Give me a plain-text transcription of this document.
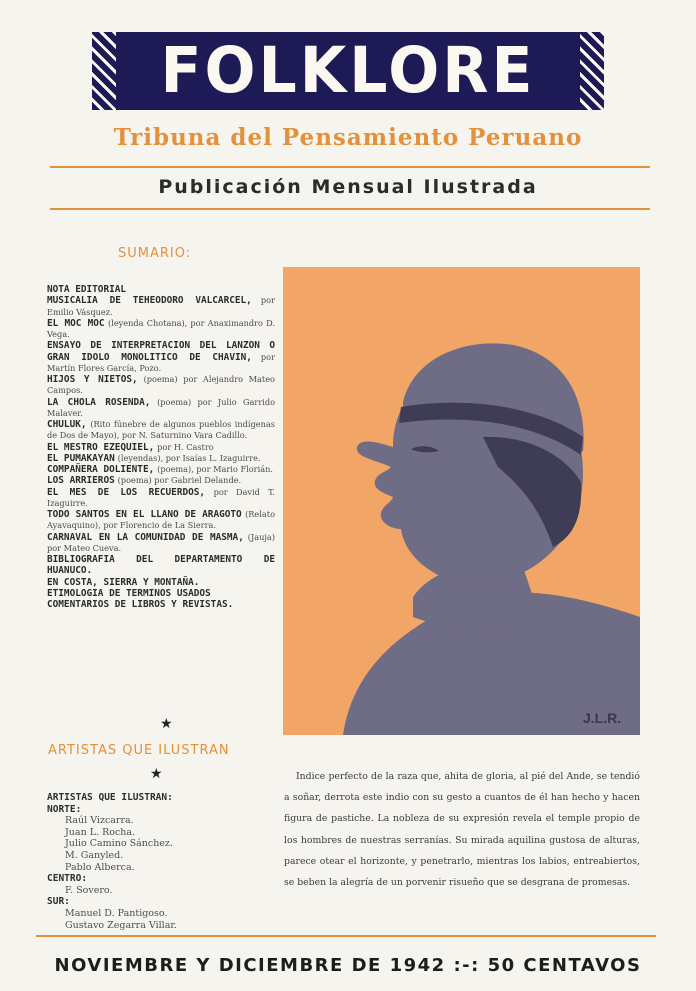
FOLKLORE
Tribuna del Pensamiento Peruano
Publicación Mensual Ilustrada
SUMARIO:

NOTA EDITORIAL

MUSICALIA DE TEHEODORO VALCARCEL, por Emilio Vásquez.

EL MOC MOC (leyenda Chotana), por Anaximandro D. Vega.

ENSAYO DE INTERPRETACION DEL LANZON O GRAN IDOLO MONOLITICO DE CHAVIN, por Martín Flores García, Pozo.

HIJOS Y NIETOS, (poema) por Alejandro Mateo Campos.

LA CHOLA ROSENDA, (poema) por Julio Garrido Malaver.

CHULUK, (Rito fúnebre de algunos pueblos indígenas de Dos de Mayo), por N. Saturnino Vara Cadillo.

EL MESTRO EZEQUIEL, por H. Castro

EL PUMAKAYAN (leyendas), por Isaías L. Izaguirre.

COMPAÑERA DOLIENTE, (poema), por Mario Florián.

LOS ARRIEROS (poema) por Gabriel Delande.

EL MES DE LOS RECUERDOS, por David T. Izaguirre.

TODO SANTOS EN EL LLANO DE ARAGOTO (Relato Ayavaquino), por Florencio de La Sierra.

CARNAVAL EN LA COMUNIDAD DE MASMA, (Jauja) por Mateo Cueva.

BIBLIOGRAFIA DEL DEPARTAMENTO DE HUANUCO.

EN COSTA, SIERRA Y MONTAÑA.

ETIMOLOGIA DE TERMINOS USADOS

COMENTARIOS DE LIBROS Y REVISTAS.

★
ARTISTAS QUE ILUSTRAN
★
ARTISTAS QUE ILUSTRAN:
NORTE:
Raúl Vizcarra.
Juan L. Rocha.
Julio Camino Sánchez.
M. Ganyled.
Pablo Alberca.
CENTRO:
F. Sovero.
SUR:
Manuel D. Pantigoso.
Gustavo Zegarra Villar.
J.L.R.
Indice perfecto de la raza que, ahita de gloria, al pié del Ande, se tendió a soñar, derrota este indio con su gesto a cuantos de él han hecho y hacen figura de pastiche. La nobleza de su expresión revela el temple propio de los hombres de nuestras serranías. Su mirada aquilina gustosa de alturas, parece otear el horizonte, y penetrarlo, mientras los labios, entreabiertos, se beben la alegría de un porvenir risueño que se desgrana de promesas.
NOVIEMBRE Y DICIEMBRE DE 1942 :-: 50 CENTAVOS
